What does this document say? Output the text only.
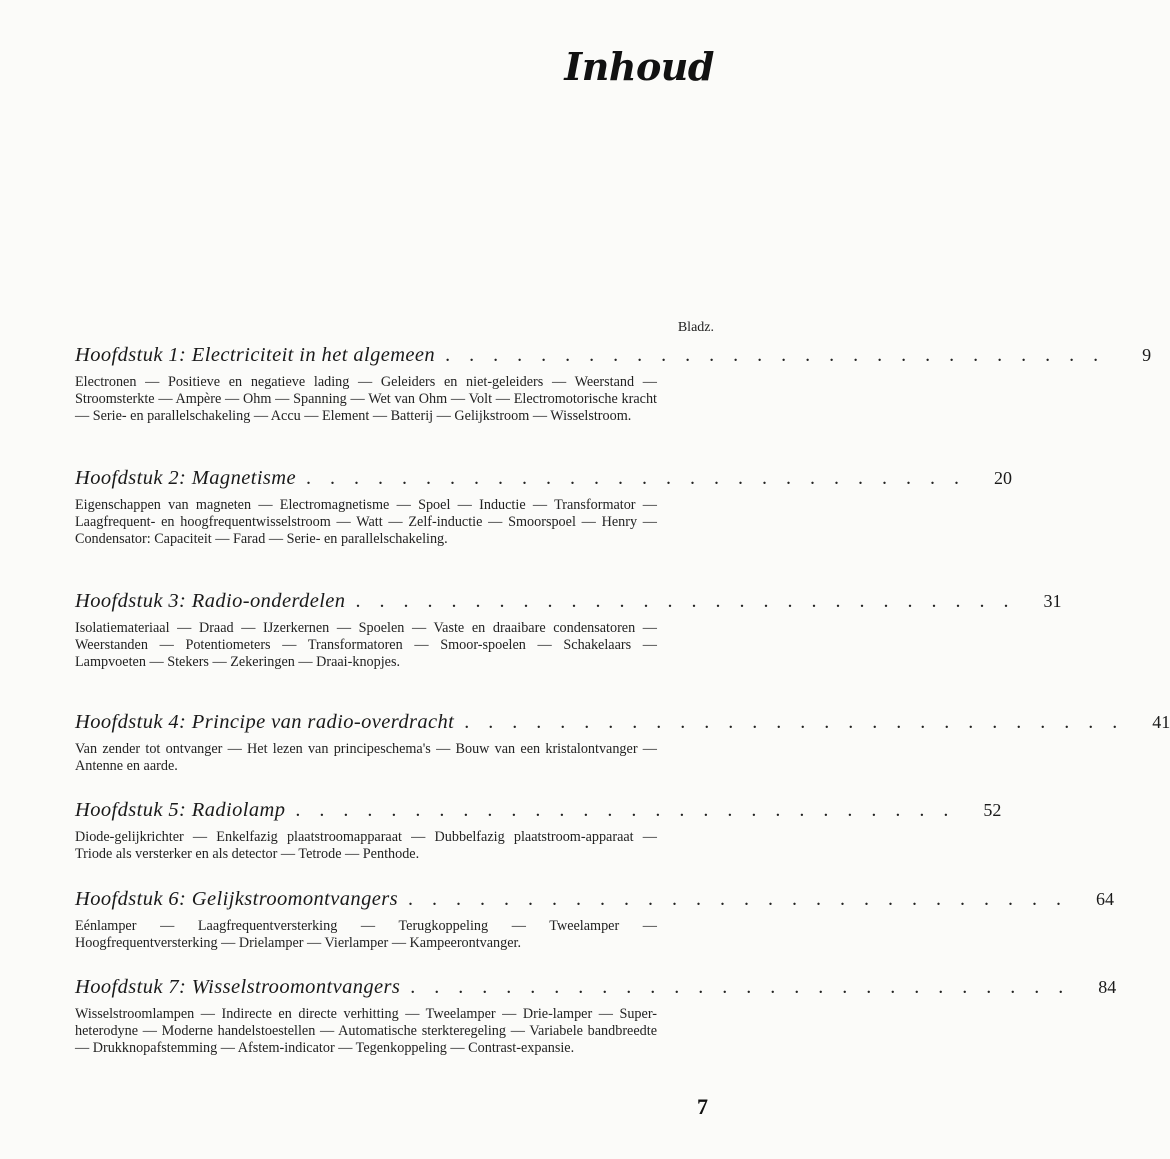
Inhoud
Bladz.
Hoofdstuk 1: Electriciteit in het algemeen . . . . . . . . . . . . . . . . . . . . . . . . . . . .	9

Electronen — Positieve en negatieve lading — Geleiders en niet-geleiders — Weerstand — Stroomsterkte — Ampère — Ohm — Spanning — Wet van Ohm — Volt — Electromotorische kracht — Serie- en parallelschakeling — Accu — Element — Batterij — Gelijkstroom — Wisselstroom.

Hoofdstuk 2: Magnetisme . . . . . . . . . . . . . . . . . . . . . . . . . . . .	20

Eigenschappen van magneten — Electromagnetisme — Spoel — Inductie — Transformator — Laagfrequent- en hoogfrequentwisselstroom — Watt — Zelf-inductie — Smoorspoel — Henry — Condensator: Capaciteit — Farad — Serie- en parallelschakeling.

Hoofdstuk 3: Radio-onderdelen . . . . . . . . . . . . . . . . . . . . . . . . . . . .	31

Isolatiemateriaal — Draad — IJzerkernen — Spoelen — Vaste en draaibare condensatoren — Weerstanden — Potentiometers — Transformatoren — Smoor-spoelen — Schakelaars — Lampvoeten — Stekers — Zekeringen — Draai-knopjes.

Hoofdstuk 4: Principe van radio-overdracht . . . . . . . . . . . . . . . . . . . . . . . . . . . .	41

Van zender tot ontvanger — Het lezen van principeschema's — Bouw van een kristalontvanger — Antenne en aarde.

Hoofdstuk 5: Radiolamp . . . . . . . . . . . . . . . . . . . . . . . . . . . .	52

Diode-gelijkrichter — Enkelfazig plaatstroomapparaat — Dubbelfazig plaatstroom-apparaat — Triode als versterker en als detector — Tetrode — Penthode.

Hoofdstuk 6: Gelijkstroomontvangers . . . . . . . . . . . . . . . . . . . . . . . . . . . .	64

Eénlamper — Laagfrequentversterking — Terugkoppeling — Tweelamper — Hoogfrequentversterking — Drielamper — Vierlamper — Kampeerontvanger.

Hoofdstuk 7: Wisselstroomontvangers . . . . . . . . . . . . . . . . . . . . . . . . . . . .	84

Wisselstroomlampen — Indirecte en directe verhitting — Tweelamper — Drie-lamper — Super-heterodyne — Moderne handelstoestellen — Automatische sterkteregeling — Variabele bandbreedte — Drukknopafstemming — Afstem-indicator — Tegenkoppeling — Contrast-expansie.

7
